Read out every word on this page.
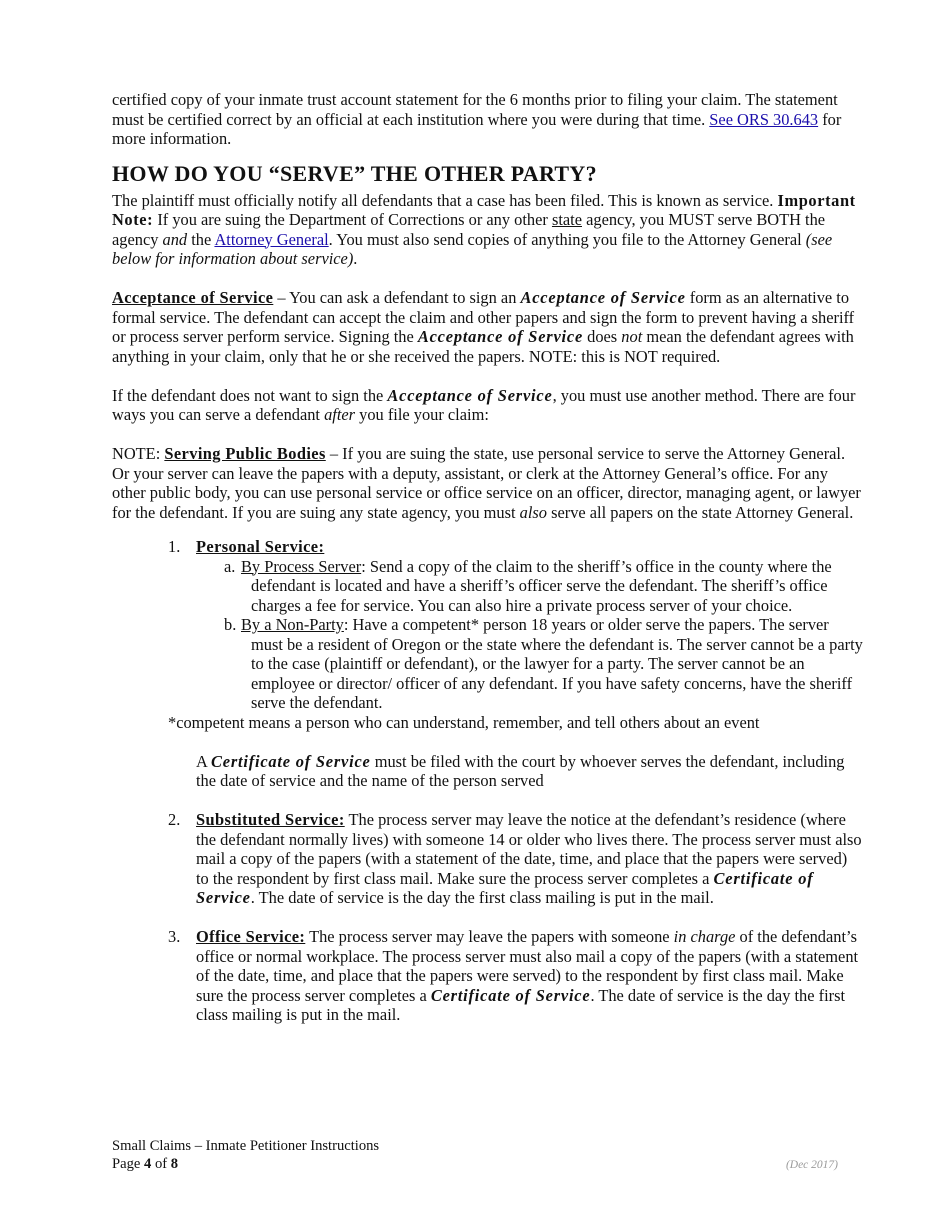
certified copy of your inmate trust account statement for the 6 months prior to filing your claim. The statement must be certified correct by an official at each institution where you were during that time. See ORS 30.643 for more information.

HOW DO YOU “SERVE” THE OTHER PARTY?

The plaintiff must officially notify all defendants that a case has been filed. This is known as service. Important Note: If you are suing the Department of Corrections or any other state agency, you MUST serve BOTH the agency and the Attorney General. You must also send copies of anything you file to the Attorney General (see below for information about service).

Acceptance of Service – You can ask a defendant to sign an Acceptance of Service form as an alternative to formal service. The defendant can accept the claim and other papers and sign the form to prevent having a sheriff or process server perform service. Signing the Acceptance of Service does not mean the defendant agrees with anything in your claim, only that he or she received the papers. NOTE: this is NOT required.

If the defendant does not want to sign the Acceptance of Service, you must use another method. There are four ways you can serve a defendant after you file your claim:

NOTE: Serving Public Bodies – If you are suing the state, use personal service to serve the Attorney General. Or your server can leave the papers with a deputy, assistant, or clerk at the Attorney General’s office. For any other public body, you can use personal service or office service on an officer, director, managing agent, or lawyer for the defendant. If you are suing any state agency, you must also serve all papers on the state Attorney General.

1. Personal Service:
a. By Process Server: Send a copy of the claim to the sheriff’s office in the county where the defendant is located and have a sheriff’s officer serve the defendant. The sheriff’s office charges a fee for service. You can also hire a private process server of your choice.
b. By a Non-Party: Have a competent* person 18 years or older serve the papers. The server must be a resident of Oregon or the state where the defendant is. The server cannot be a party to the case (plaintiff or defendant), or the lawyer for a party. The server cannot be an employee or director/ officer of any defendant. If you have safety concerns, have the sheriff serve the defendant.

*competent means a person who can understand, remember, and tell others about an event

A Certificate of Service must be filed with the court by whoever serves the defendant, including the date of service and the name of the person served

2. Substituted Service: The process server may leave the notice at the defendant’s residence (where the defendant normally lives) with someone 14 or older who lives there. The process server must also mail a copy of the papers (with a statement of the date, time, and place that the papers were served) to the respondent by first class mail. Make sure the process server completes a Certificate of Service. The date of service is the day the first class mailing is put in the mail.
3. Office Service: The process server may leave the papers with someone in charge of the defendant’s office or normal workplace. The process server must also mail a copy of the papers (with a statement of the date, time, and place that the papers were served) to the respondent by first class mail. Make sure the process server completes a Certificate of Service. The date of service is the day the first class mailing is put in the mail.
Small Claims – Inmate Petitioner Instructions
Page 4 of 8	(Dec 2017)
